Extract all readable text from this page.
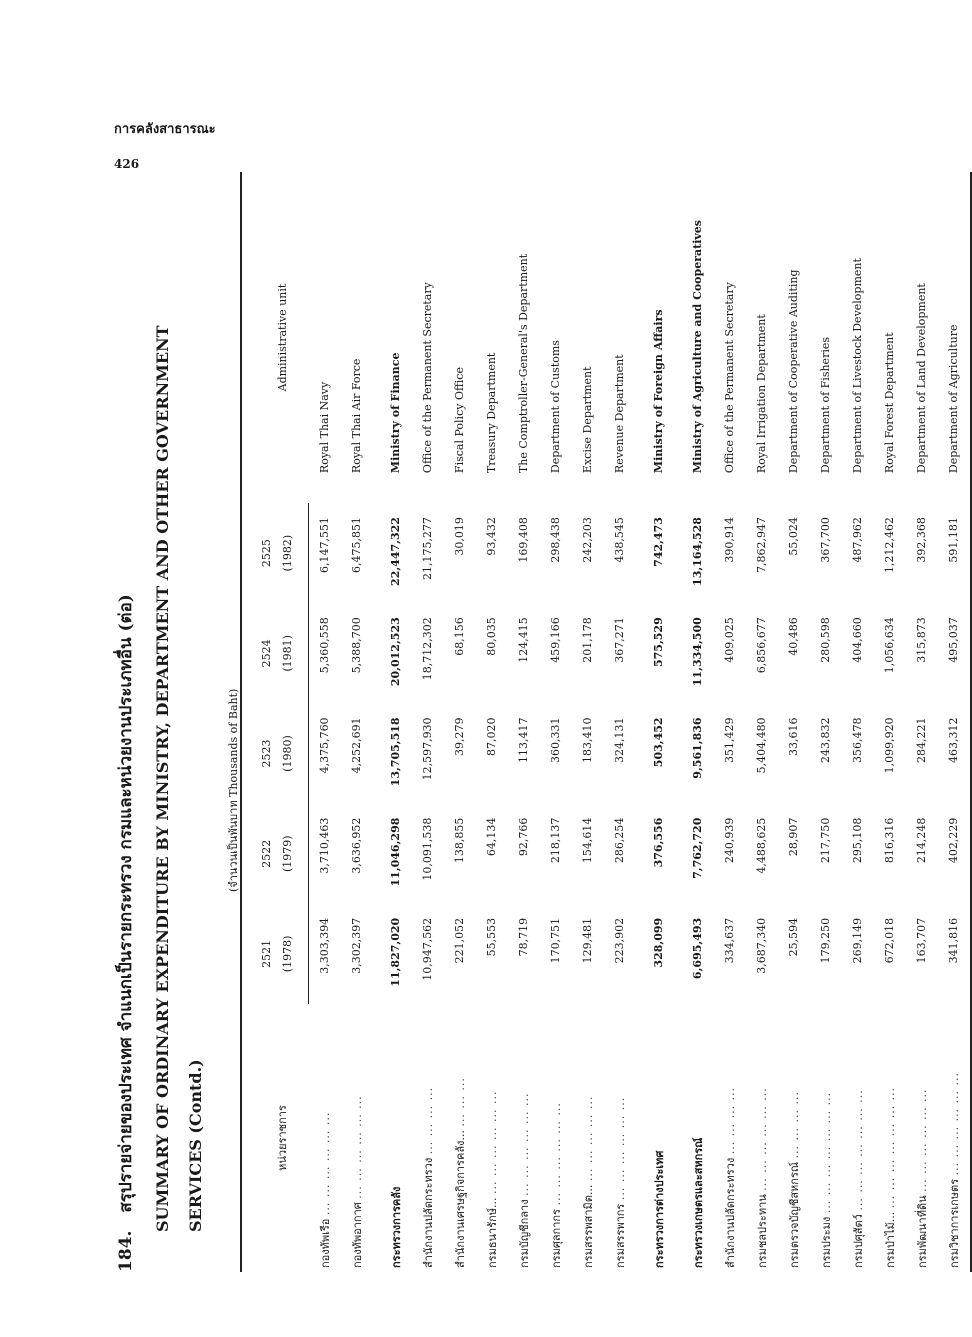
การคลังสาธารณะ
426
184. สรุปรายจ่ายของประเทศ จำแนกเป็นรายกระทรวง กรมและหน่วยงานประเภทอื่น (ต่อ) SUMMARY OF ORDINARY EXPENDITURE BY MINISTRY, DEPARTMENT AND OTHER GOVERNMENT SERVICES (Contd.)
(จำนวนเป็นพันบาท Thousands of Baht)
หน่วยราชการ	2521	2522	2523	2524	2525	Administrative unit
	(1978)	(1979)	(1980)	(1981)	(1982)	
กองทัพเรือ ... ... ... ... ... ...	3,303,394	3,710,463	4,375,760	5,360,558	6,147,551	Royal Thai Navy
กองทัพอากาศ ... ... ... ... ... ...	3,302,397	3,636,952	4,252,691	5,388,700	6,475,851	Royal Thai Air Force
กระทรวงการคลัง	11,827,020	11,046,298	13,705,518	20,012,523	22,447,322	Ministry of Finance
สำนักงานปลัดกระทรวง ... ... ... ...	10,947,562	10,091,538	12,597,930	18,712,302	21,175,277	Office of the Permanent Secretary
สำนักงานเศรษฐกิจการคลัง... ... ... ...	221,052	138,855	39,279	68,156	30,019	Fiscal Policy Office
กรมธนารักษ์... ... ... ... ... ... ...	55,553	64,134	87,020	80,035	93,432	Treasury Department
กรมบัญชีกลาง ... ... ... ... ... ...	78,719	92,766	113,417	124,415	169,408	The Comptroller-General's Department
กรมศุลกากร ... ... ... ... ... ...	170,751	218,137	360,331	459,166	298,438	Department of Customs
กรมสรรพสามิต... ... ... ... ... ...	129,481	154,614	183,410	201,178	242,203	Excise Department
กรมสรรพากร ... ... ... ... ... ...	223,902	286,254	324,131	367,271	438,545	Revenue Department
กระทรวงการต่างประเทศ	328,099	376,556	503,452	575,529	742,473	Ministry of Foreign Affairs
กระทรวงเกษตรและสหกรณ์	6,695,493	7,762,720	9,561,836	11,334,500	13,164,528	Ministry of Agriculture and Cooperatives
สำนักงานปลัดกระทรวง ... ... ... ...	334,637	240,939	351,429	409,025	390,914	Office of the Permanent Secretary
กรมชลประทาน ... ... ... ... ... ...	3,687,340	4,488,625	5,404,480	6,856,677	7,862,947	Royal Irrigation Department
กรมตรวจบัญชีสหกรณ์ ... ... ... ...	25,594	28,907	33,616	40,486	55,024	Department of Cooperative Auditing
กรมประมง ... ... ... ... ... ... ...	179,250	217,750	243,832	280,598	367,700	Department of Fisheries
กรมปศุสัตว์ ... ... ... ... ... ... ...	269,149	295,108	356,478	404,660	487,962	Department of Livestock Development
กรมป่าไม้... ... ... ... ... ... ... ...	672,018	816,316	1,099,920	1,056,634	1,212,462	Royal Forest Department
กรมพัฒนาที่ดิน ... ... ... ... ... ...	163,707	214,248	284,221	315,873	392,368	Department of Land Development
กรมวิชาการเกษตร ... ... ... ... ... ...	341,816	402,229	463,312	495,037	591,181	Department of Agriculture
